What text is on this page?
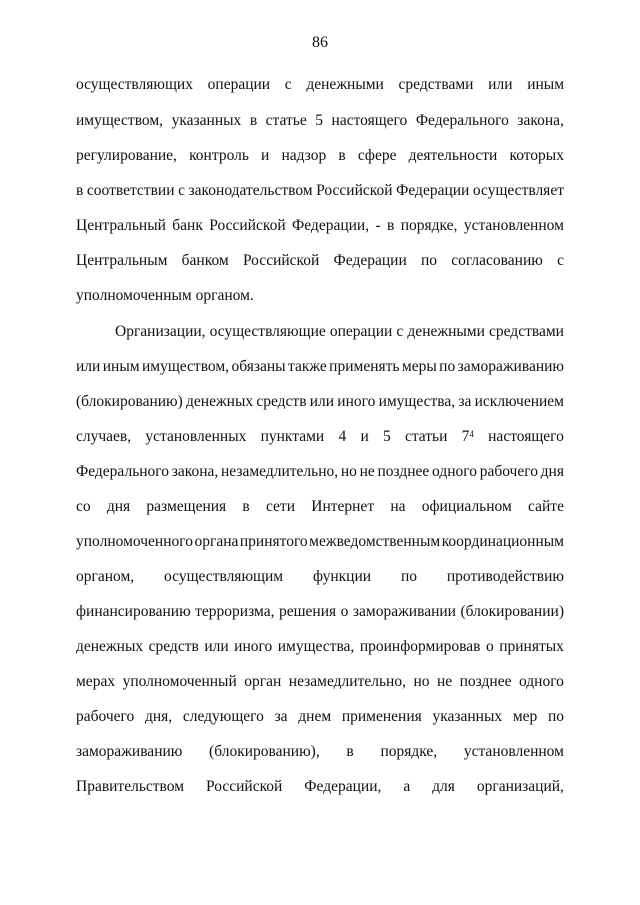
86
осуществляющих операции с денежными средствами или иным
имуществом, указанных в статье 5 настоящего Федерального закона,
регулирование, контроль и надзор в сфере деятельности которых
в соответствии с законодательством Российской Федерации осуществляет
Центральный банк Российской Федерации, - в порядке, установленном
Центральным банком Российской Федерации по согласованию с
уполномоченным органом.
Организации, осуществляющие операции с денежными средствами
или иным имуществом, обязаны также применять меры по замораживанию
(блокированию) денежных средств или иного имущества, за исключением
случаев, установленных пунктами 4 и 5 статьи $7^4$ настоящего
Федерального закона, незамедлительно, но не позднее одного рабочего дня
со дня размещения в сети Интернет на официальном сайте
уполномоченного органа принятого межведомственным координационным
органом, осуществляющим функции по противодействию
финансированию терроризма, решения о замораживании (блокировании)
денежных средств или иного имущества, проинформировав о принятых
мерах уполномоченный орган незамедлительно, но не позднее одного
рабочего дня, следующего за днем применения указанных мер по
замораживанию (блокированию), в порядке, установленном
Правительством Российской Федерации, а для организаций,
